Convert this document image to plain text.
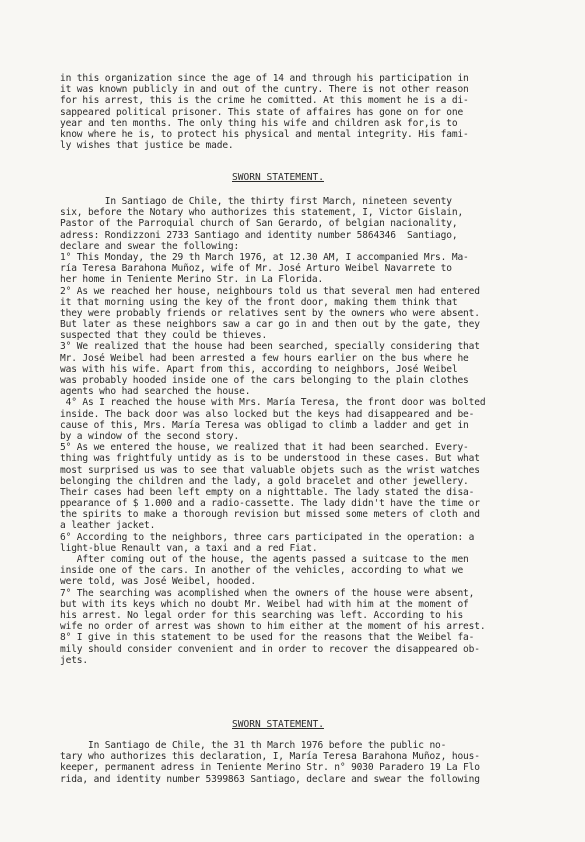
in this organization since the age of 14 and through his participation in
it was known publicly in and out of the cuntry. There is not other reason
for his arrest, this is the crime he comitted. At this moment he is a di-
sappeared political prisoner. This state of affaires has gone on for one
year and ten months. The only thing his wife and children ask for,is to
know where he is, to protect his physical and mental integrity. His fami-
ly wishes that justice be made.
SWORN STATEMENT.
In Santiago de Chile, the thirty first March, nineteen seventy
six, before the Notary who authorizes this statement, I, Victor Gislain,
Pastor of the Parroquial church of San Gerardo, of belgian nacionality,
adress: Rondizzoni 2733 Santiago and identity number 5864346  Santiago,
declare and swear the following:
1° This Monday, the 29 th March 1976, at 12.30 AM, I accompanied Mrs. Ma-
ría Teresa Barahona Muñoz, wife of Mr. José Arturo Weibel Navarrete to
her home in Teniente Merino Str. in La Florida.
2° As we reached her house, neighbours told us that several men had entered
it that morning using the key of the front door, making them think that
they were probably friends or relatives sent by the owners who were absent.
But later as these neighbors saw a car go in and then out by the gate, they
suspected that they could be thieves.
3° We realized that the house had been searched, specially considering that
Mr. José Weibel had been arrested a few hours earlier on the bus where he
was with his wife. Apart from this, according to neighbors, José Weibel
was probably hooded inside one of the cars belonging to the plain clothes
agents who had searched the house.
4° As I reached the house with Mrs. María Teresa, the front door was bolted
inside. The back door was also locked but the keys had disappeared and be-
cause of this, Mrs. María Teresa was obligad to climb a ladder and get in
by a window of the second story.
5° As we entered the house, we realized that it had been searched. Every-
thing was frightfuly untidy as is to be understood in these cases. But what
most surprised us was to see that valuable objets such as the wrist watches
belonging the children and the lady, a gold bracelet and other jewellery.
Their cases had been left empty on a nighttable. The lady stated the disa-
ppearance of $ 1.000 and a radio-cassette. The lady didn't have the time or
the spirits to make a thorough revision but missed some meters of cloth and
a leather jacket.
6° According to the neighbors, three cars participated in the operation: a
light-blue Renault van, a taxi and a red Fiat.
After coming out of the house, the agents passed a suitcase to the men
inside one of the cars. In another of the vehicles, according to what we
were told, was José Weibel, hooded.
7° The searching was acomplished when the owners of the house were absent,
but with its keys which no doubt Mr. Weibel had with him at the moment of
his arrest. No legal order for this searching was left. According to his
wife no order of arrest was shown to him either at the moment of his arrest.
8° I give in this statement to be used for the reasons that the Weibel fa-
mily should consider convenient and in order to recover the disappeared ob-
jets.
SWORN STATEMENT.
In Santiago de Chile, the 31 th March 1976 before the public no-
tary who authorizes this declaration, I, María Teresa Barahona Muñoz, hous-
keeper, permanent adress in Teniente Merino Str. n° 9030 Paradero 19 La Flo
rida, and identity number 5399863 Santiago, declare and swear the following
